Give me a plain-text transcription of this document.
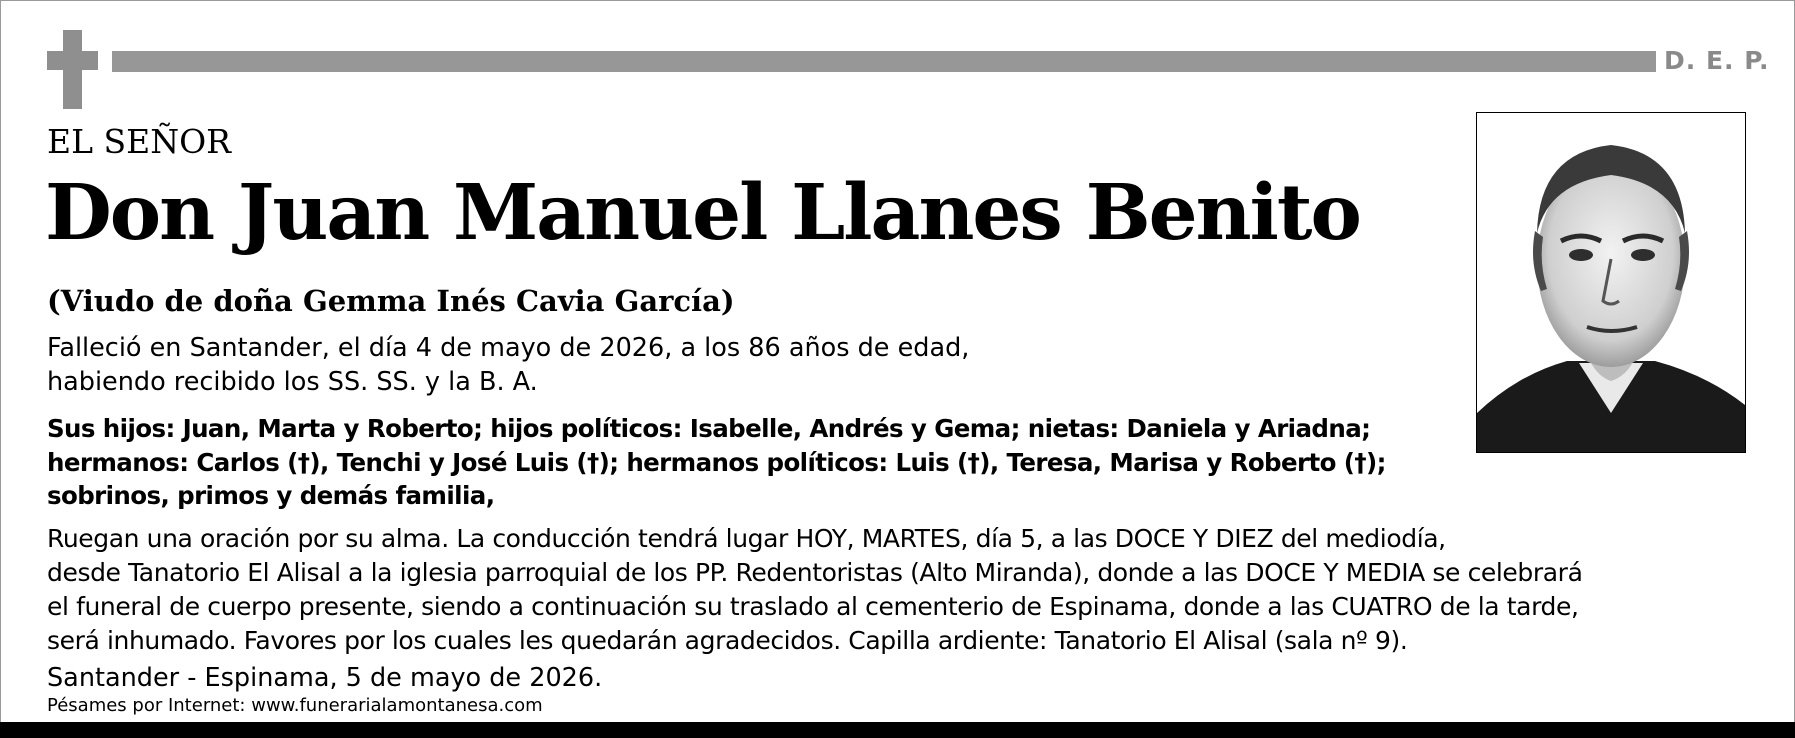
D. E. P.
EL SEÑOR
Don Juan Manuel Llanes Benito
(Viudo de doña Gemma Inés Cavia García)
Falleció en Santander, el día 4 de mayo de 2026, a los 86 años de edad,
habiendo recibido los SS. SS. y la B. A.
Sus hijos: Juan, Marta y Roberto; hijos políticos: Isabelle, Andrés y Gema; nietas: Daniela y Ariadna;
hermanos: Carlos (†), Tenchi y José Luis (†); hermanos políticos: Luis (†), Teresa, Marisa y Roberto (†);
sobrinos, primos y demás familia,
Ruegan una oración por su alma. La conducción tendrá lugar HOY, MARTES, día 5, a las DOCE Y DIEZ del mediodía,
desde Tanatorio El Alisal a la iglesia parroquial de los PP. Redentoristas (Alto Miranda), donde a las DOCE Y MEDIA se celebrará
el funeral de cuerpo presente, siendo a continuación su traslado al cementerio de Espinama, donde a las CUATRO de la tarde,
será inhumado. Favores por los cuales les quedarán agradecidos. Capilla ardiente: Tanatorio El Alisal (sala nº 9).
Santander - Espinama, 5 de mayo de 2026.
Pésames por Internet: www.funerarialamontanesa.com
